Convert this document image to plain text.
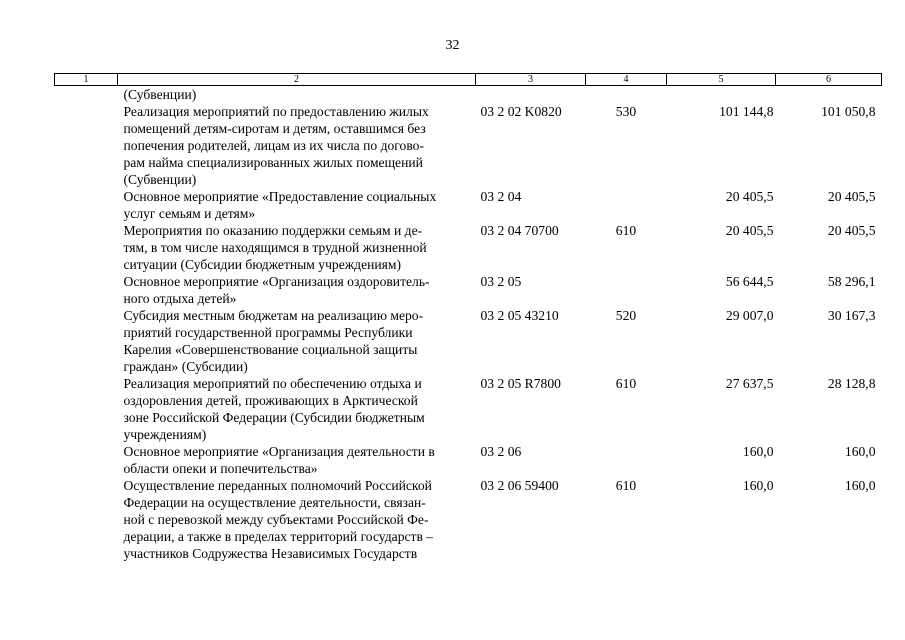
32
1	2	3	4	5	6

	(Субвенции)				

	Реализация мероприятий по предоставлению жилых
помещений детям-сиротам и детям, оставшимся без
попечения родителей, лицам из их числа по догово-
рам найма специализированных жилых помещений
(Субвенции)	03 2 02 K0820	530	101 144,8	101 050,8

	Основное мероприятие «Предоставление социальных
услуг семьям и детям»	03 2 04		20 405,5	20 405,5

	Мероприятия по оказанию поддержки семьям и де-
тям, в том числе находящимся в трудной жизненной
ситуации (Субсидии бюджетным учреждениям)	03 2 04 70700	610	20 405,5	20 405,5

	Основное мероприятие «Организация оздоровитель-
ного отдыха детей»	03 2 05		56 644,5	58 296,1

	Субсидия местным бюджетам на реализацию меро-
приятий государственной программы Республики
Карелия «Совершенствование социальной защиты
граждан» (Субсидии)	03 2 05 43210	520	29 007,0	30 167,3

	Реализация мероприятий по обеспечению отдыха и
оздоровления детей, проживающих в Арктической
зоне Российской Федерации (Субсидии бюджетным
учреждениям)	03 2 05 R7800	610	27 637,5	28 128,8

	Основное мероприятие «Организация деятельности в
области опеки и попечительства»	03 2 06		160,0	160,0

	Осуществление переданных полномочий Российской
Федерации на осуществление деятельности, связан-
ной с перевозкой между субъектами Российской Фе-
дерации, а также в пределах территорий государств –
участников Содружества Независимых Государств	03 2 06 59400	610	160,0	160,0
